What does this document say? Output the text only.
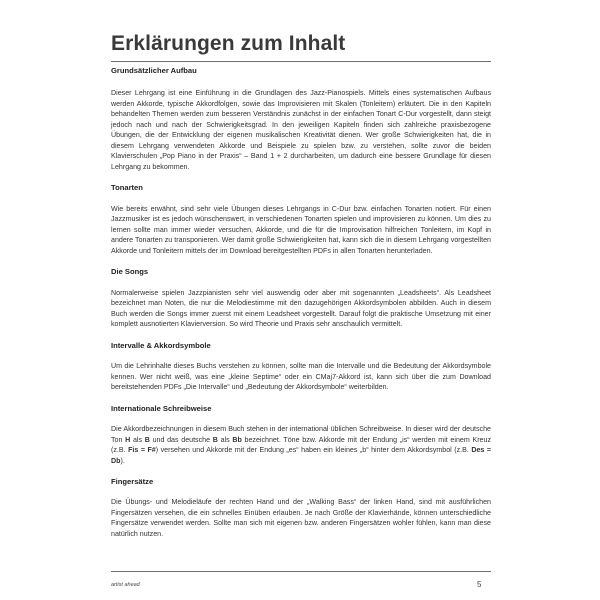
Erklärungen zum Inhalt
Grundsätzlicher Aufbau

Dieser Lehrgang ist eine Einführung in die Grundlagen des Jazz-Pianospiels. Mittels eines systematischen Aufbaus werden Akkorde, typische Akkordfolgen, sowie das Improvisieren mit Skalen (Tonleitern) erläutert. Die in den Kapiteln behandelten Themen werden zum besseren Verständnis zunächst in der einfachen Tonart C-Dur vorgestellt, dann steigt jedoch nach und nach der Schwierigkeitsgrad. In den jeweiligen Kapiteln finden sich zahlreiche praxisbezogene Übungen, die der Entwicklung der eigenen musikalischen Kreativität dienen. Wer große Schwierigkeiten hat, die in diesem Lehrgang verwendeten Akkorde und Beispiele zu spielen bzw. zu verstehen, sollte zuvor die beiden Klavierschulen „Pop Piano in der Praxis“ – Band 1 + 2 durcharbeiten, um dadurch eine bessere Grundlage für diesen Lehrgang zu bekommen.

Tonarten

Wie bereits erwähnt, sind sehr viele Übungen dieses Lehrgangs in C-Dur bzw. einfachen Tonarten notiert. Für einen Jazzmusiker ist es jedoch wünschenswert, in verschiedenen Tonarten spielen und improvisieren zu können. Um dies zu lernen sollte man immer wieder versuchen, Akkorde, und die für die Improvisation hilfreichen Tonleitern, im Kopf in andere Tonarten zu transponieren. Wer damit große Schwierigkeiten hat, kann sich die in diesem Lehrgang vorgestellten Akkorde und Tonleitern mittels der im Download bereitgestellten PDFs in allen Tonarten herunterladen.

Die Songs

Normalerweise spielen Jazzpianisten sehr viel auswendig oder aber mit sogenannten „Leadsheets“. Als Leadsheet bezeichnet man Noten, die nur die Melodiestimme mit den dazugehörigen Akkordsymbolen abbilden. Auch in diesem Buch werden die Songs immer zuerst mit einem Leadsheet vorgestellt. Darauf folgt die praktische Umsetzung mit einer komplett ausnotierten Klavierversion. So wird Theorie und Praxis sehr anschaulich vermittelt.

Intervalle & Akkordsymbole

Um die Lehrinhalte dieses Buchs verstehen zu können, sollte man die Intervalle und die Bedeutung der Akkordsymbole kennen. Wer nicht weiß, was eine „kleine Septime“ oder ein CMaj7-Akkord ist, kann sich über die zum Download bereitstehenden PDFs „Die Intervalle“ und „Bedeutung der Akkordsymbole“ weiterbilden.

Internationale Schreibweise

Die Akkordbezeichnungen in diesem Buch stehen in der international üblichen Schreibweise. In dieser wird der deutsche Ton H als B und das deutsche B als Bb bezeichnet. Töne bzw. Akkorde mit der Endung „is“ werden mit einem Kreuz (z.B. Fis = F#) versehen und Akkorde mit der Endung „es“ haben ein kleines „b“ hinter dem Akkordsymbol (z.B. Des = Db).

Fingersätze

Die Übungs- und Melodieläufe der rechten Hand und der „Walking Bass“ der linken Hand, sind mit ausführlichen Fingersätzen versehen, die ein schnelles Einüben erlauben. Je nach Größe der Klavierhände, können unterschiedliche Fingersätze verwendet werden. Sollte man sich mit eigenen bzw. anderen Fingersätzen wohler fühlen, kann man diese natürlich nutzen.

artist ahead	5
